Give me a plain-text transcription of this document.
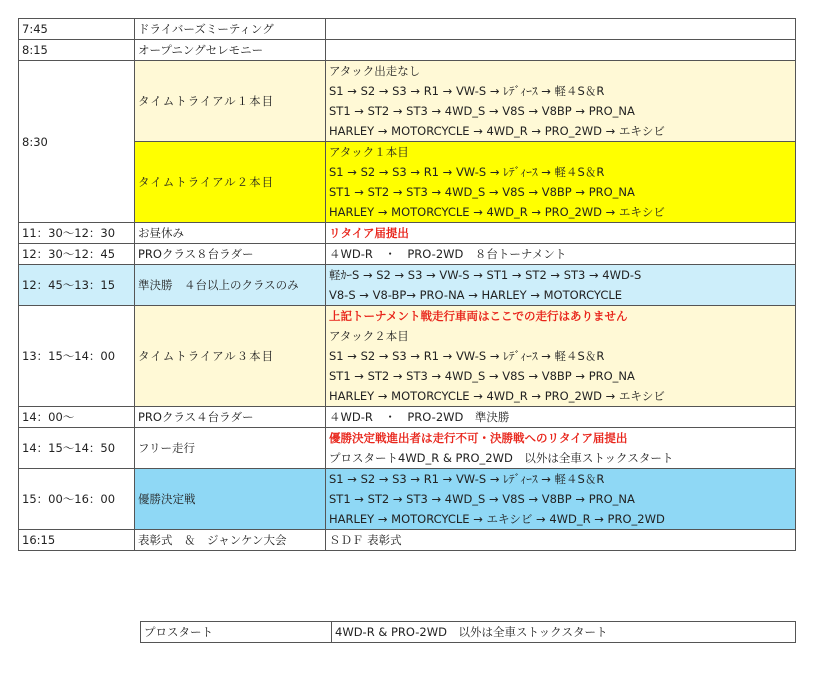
7:45	ドライバーズミーティング	
8:15	オープニングセレモニー	
8:30	タイムトライアル１本目	アタック出走なし
S1 → S2 → S3 → R1 → VW-S → ﾚﾃﾞｨｰｽ → 軽４S＆R
ST1 → ST2 → ST3 → 4WD_S → V8S → V8BP → PRO_NA
HARLEY → MOTORCYCLE → 4WD_R → PRO_2WD → エキシビ

	タイムトライアル２本目	アタック１本目
S1 → S2 → S3 → R1 → VW-S → ﾚﾃﾞｨｰｽ → 軽４S＆R
ST1 → ST2 → ST3 → 4WD_S → V8S → V8BP → PRO_NA
HARLEY → MOTORCYCLE → 4WD_R → PRO_2WD → エキシビ

11：30〜12：30	お昼休み	リタイア届提出
12：30〜12：45	PROクラス８台ラダー	４WD-R　・　PRO-2WD　８台トーナメント
12：45〜13：15	準決勝　４台以上のクラスのみ	軽ｶｰS → S2 → S3 → VW-S → ST1 → ST2 → ST3 → 4WD-S
V8-S → V8-BP→ PRO-NA → HARLEY → MOTORCYCLE

13：15〜14：00	タイムトライアル３本目	上記トーナメント戦走行車両はここでの走行はありません
アタック２本目
S1 → S2 → S3 → R1 → VW-S → ﾚﾃﾞｨｰｽ → 軽４S＆R
ST1 → ST2 → ST3 → 4WD_S → V8S → V8BP → PRO_NA
HARLEY → MOTORCYCLE → 4WD_R → PRO_2WD → エキシビ

14：00〜	PROクラス４台ラダー	４WD-R　・　PRO-2WD　準決勝
14：15〜14：50	フリー走行	優勝決定戦進出者は走行不可・決勝戦へのリタイア届提出
プロスタート4WD_R & PRO_2WD　以外は全車ストックスタート

15：00〜16：00	優勝決定戦	S1 → S2 → S3 → R1 → VW-S → ﾚﾃﾞｨｰｽ → 軽４S＆R
ST1 → ST2 → ST3 → 4WD_S → V8S → V8BP → PRO_NA
HARLEY → MOTORCYCLE → エキシビ → 4WD_R → PRO_2WD

16:15	表彰式　＆　ジャンケン大会	ＳＤＦ 表彰式
プロスタート	4WD-R & PRO-2WD　以外は全車ストックスタート
